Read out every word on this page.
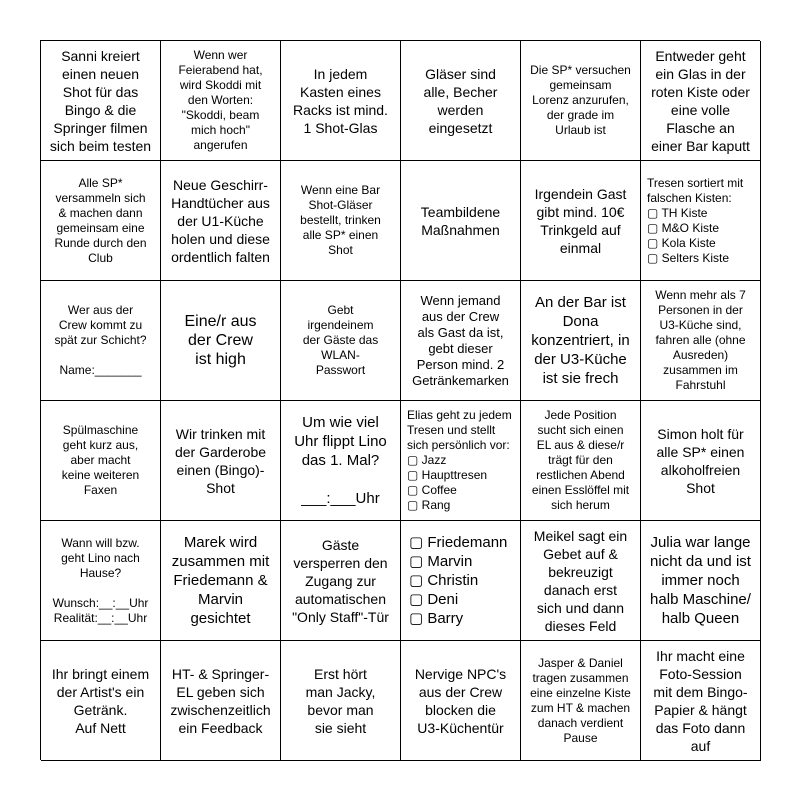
Sanni kreiert
einen neuen
Shot für das
Bingo & die
Springer filmen
sich beim testen
Wenn wer
Feierabend hat,
wird Skoddi mit
den Worten:
"Skoddi, beam
mich hoch"
angerufen
In jedem
Kasten eines
Racks ist mind.
1 Shot-Glas
Gläser sind
alle, Becher
werden
eingesetzt
Die SP* versuchen
gemeinsam
Lorenz anzurufen,
der grade im
Urlaub ist
Entweder geht
ein Glas in der
roten Kiste oder
eine volle
Flasche an
einer Bar kaputt
Alle SP*
versammeln sich
& machen dann
gemeinsam eine
Runde durch den
Club
Neue Geschirr-
Handtücher aus
der U1-Küche
holen und diese
ordentlich falten
Wenn eine Bar
Shot-Gläser
bestellt, trinken
alle SP* einen
Shot
Teambildene
Maßnahmen
Irgendein Gast
gibt mind. 10€
Trinkgeld auf
einmal
Tresen sortiert mit
falschen Kisten:
▢ TH Kiste
▢ M&O Kiste
▢ Kola Kiste
▢ Selters Kiste
Wer aus der
Crew kommt zu
spät zur Schicht?

Name:_______
Eine/r aus
der Crew
ist high
Gebt
irgendeinem
der Gäste das
WLAN-
Passwort
Wenn jemand
aus der Crew
als Gast da ist,
gebt dieser
Person mind. 2
Getränkemarken
An der Bar ist
Dona
konzentriert, in
der U3-Küche
ist sie frech
Wenn mehr als 7
Personen in der
U3-Küche sind,
fahren alle (ohne
Ausreden)
zusammen im
Fahrstuhl
Spülmaschine
geht kurz aus,
aber macht
keine weiteren
Faxen
Wir trinken mit
der Garderobe
einen (Bingo)-
Shot
Um wie viel
Uhr flippt Lino
das 1. Mal?

___:___Uhr
Elias geht zu jedem
Tresen und stellt
sich persönlich vor:
▢ Jazz
▢ Haupttresen
▢ Coffee
▢ Rang
Jede Position
sucht sich einen
EL aus & diese/r
trägt für den
restlichen Abend
einen Esslöffel mit
sich herum
Simon holt für
alle SP* einen
alkoholfreien
Shot
Wann will bzw.
geht Lino nach
Hause?

Wunsch:__:__Uhr
Realität:__:__Uhr
Marek wird
zusammen mit
Friedemann &
Marvin
gesichtet
Gäste
versperren den
Zugang zur
automatischen
"Only Staff"-Tür
▢ Friedemann
▢ Marvin
▢ Christin
▢ Deni
▢ Barry
Meikel sagt ein
Gebet auf &
bekreuzigt
danach erst
sich und dann
dieses Feld
Julia war lange
nicht da und ist
immer noch
halb Maschine/
halb Queen
Ihr bringt einem
der Artist's ein
Getränk.
Auf Nett
HT- & Springer-
EL geben sich
zwischenzeitlich
ein Feedback
Erst hört
man Jacky,
bevor man
sie sieht
Nervige NPC's
aus der Crew
blocken die
U3-Küchentür
Jasper & Daniel
tragen zusammen
eine einzelne Kiste
zum HT & machen
danach verdient
Pause
Ihr macht eine
Foto-Session
mit dem Bingo-
Papier & hängt
das Foto dann
auf
